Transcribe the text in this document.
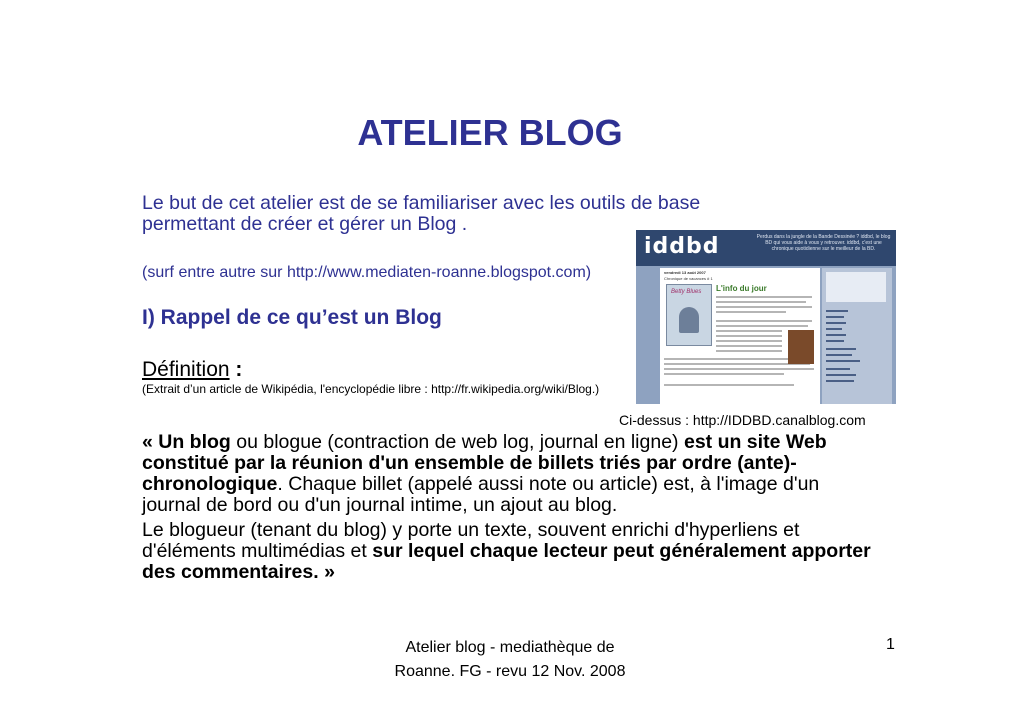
ATELIER BLOG
Le but de cet atelier est de se familiariser avec les outils de base permettant de créer et gérer un Blog .
(surf entre autre sur http://www.mediaten-roanne.blogspot.com)
I) Rappel de ce qu’est un Blog
Définition :
(Extrait d’un article de Wikipédia, l'encyclopédie libre : http://fr.wikipedia.org/wiki/Blog.)
iddbd	Perdus dans la jungle de la Bande Dessinée ? iddbd, le blog BD qui vous aide à vous y retrouver. iddbd, c'est une chronique quotidienne sur le meilleur de la BD.
vendredi 13 août 2007
Chronique de vacances # 1
Betty Blues L'info du jour
Ci-dessus : http://IDDBD.canalblog.com

« Un blog ou blogue (contraction de web log, journal en ligne) est un site Web constitué par la réunion d'un ensemble de billets triés par ordre (ante)- chronologique. Chaque billet (appelé aussi note ou article) est, à l'image d'un journal de bord ou d'un journal intime, un ajout au blog.

Le blogueur (tenant du blog) y porte un texte, souvent enrichi d'hyperliens et d'éléments multimédias et sur lequel chaque lecteur peut généralement apporter des commentaires. »

Atelier blog - mediathèque de
Roanne. FG - revu 12 Nov. 2008
1
